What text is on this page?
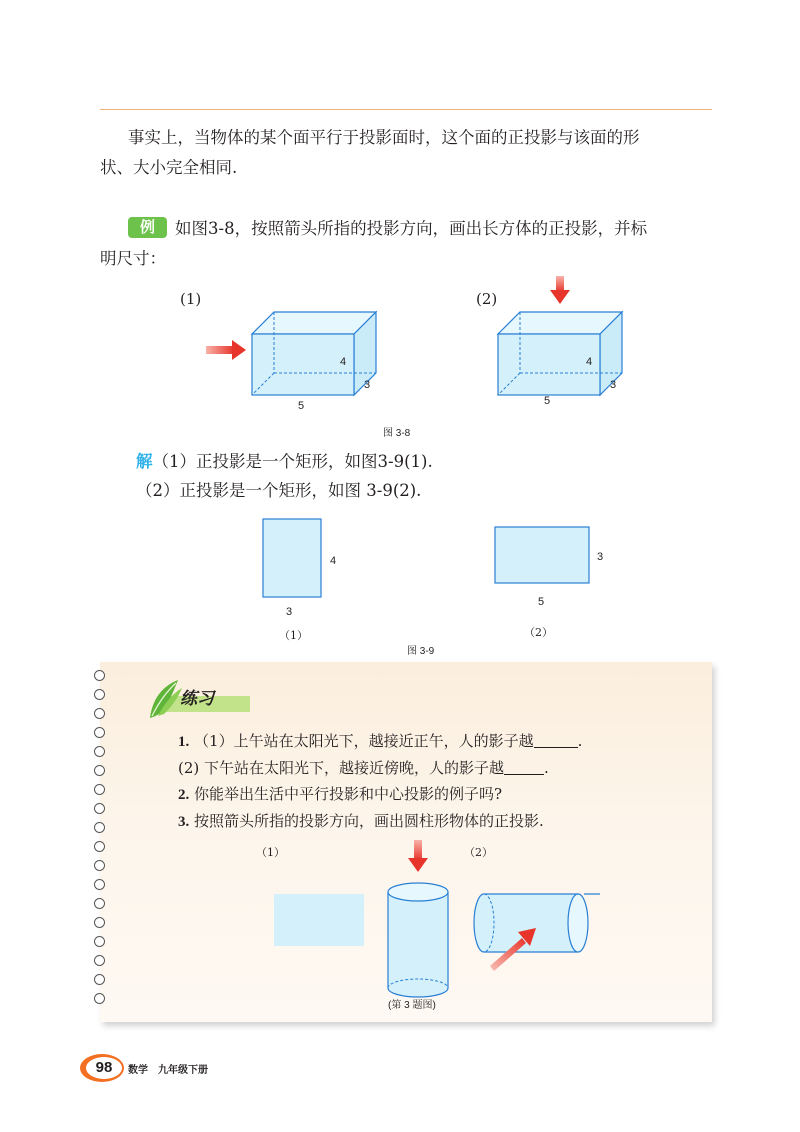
事实上，当物体的某个面平行于投影面时，这个面的正投影与该面的形
状、大小完全相同.
例 如图3-8，按照箭头所指的投影方向，画出长方体的正投影，并标
明尺寸：
(1)	(2)
4
3
5
4
3
5
图 3-8
解（1）正投影是一个矩形，如图3-9(1).
（2）正投影是一个矩形，如图 3-9(2).
4
3
3
5
（1）	（2）
图 3-9
练习
1. （1）上午站在太阳光下，越接近正午，人的影子越	.
(2) 下午站在太阳光下，越接近傍晚，人的影子越	.
2. 你能举出生活中平行投影和中心投影的例子吗?
3. 按照箭头所指的投影方向，画出圆柱形物体的正投影.
（1）	（2）
(第 3 题图)
98	数学　九年级下册
